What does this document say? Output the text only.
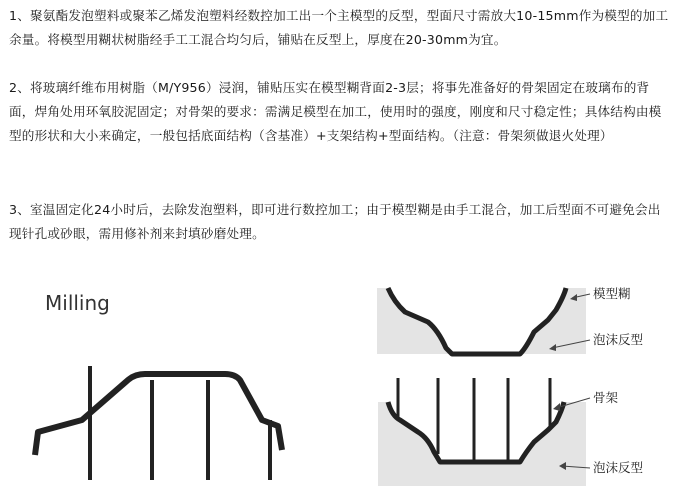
1、聚氨酯发泡塑料或聚苯乙烯发泡塑料经数控加工出一个主模型的反型，型面尺寸需放大10-15mm作为模型的加工余量。将模型用糊状树脂经手工工混合均匀后，铺贴在反型上，厚度在20-30mm为宜。

2、将玻璃纤维布用树脂（M/Y956）浸润，铺贴压实在模型糊背面2-3层；将事先准备好的骨架固定在玻璃布的背面，焊角处用环氧胶泥固定；对骨架的要求：需满足模型在加工，使用时的强度，刚度和尺寸稳定性；具体结构由模型的形状和大小来确定，一般包括底面结构（含基准）+支架结构+型面结构。（注意：骨架须做退火处理）

3、室温固定化24小时后，去除发泡塑料，即可进行数控加工；由于模型糊是由手工混合，加工后型面不可避免会出现针孔或砂眼，需用修补剂来封填砂磨处理。

Milling	模型糊
泡沫反型
骨架
泡沫反型
